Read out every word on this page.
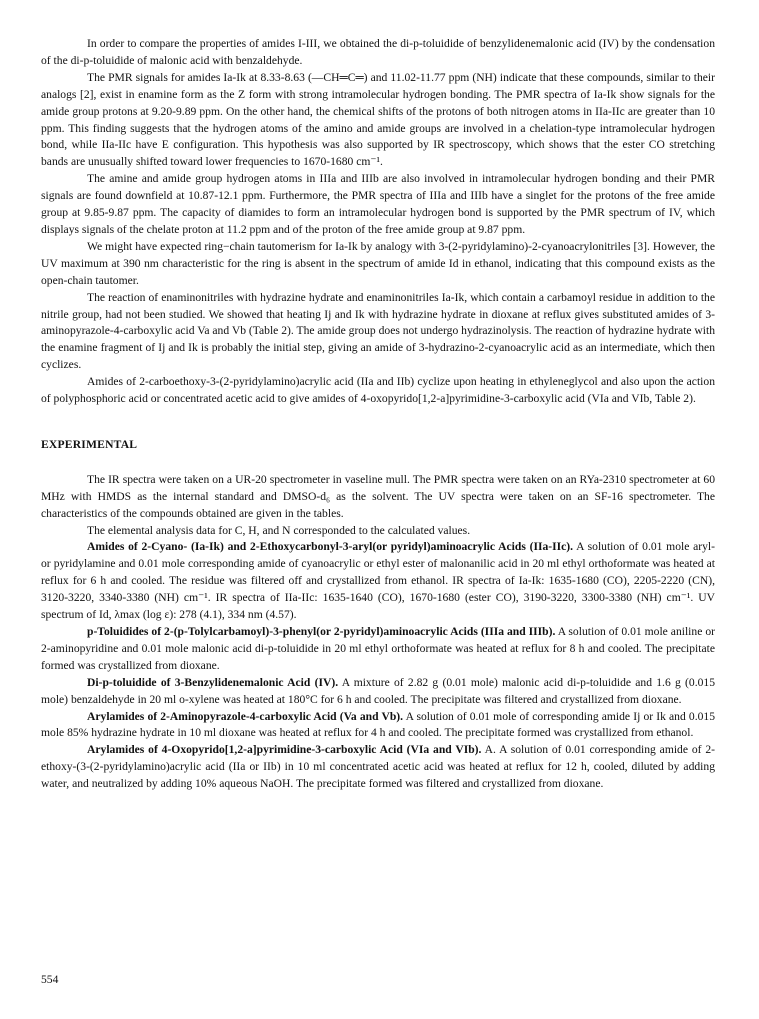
In order to compare the properties of amides I-III, we obtained the di-p-toluidide of benzylidenemalonic acid (IV) by the condensation of the di-p-toluidide of malonic acid with benzaldehyde.

The PMR signals for amides Ia-Ik at 8.33-8.63 (—CH═C═) and 11.02-11.77 ppm (NH) indicate that these compounds, similar to their analogs [2], exist in enamine form as the Z form with strong intramolecular hydrogen bonding. The PMR spectra of Ia-Ik show signals for the amide group protons at 9.20-9.89 ppm. On the other hand, the chemical shifts of the protons of both nitrogen atoms in IIa-IIc are greater than 10 ppm. This finding suggests that the hydrogen atoms of the amino and amide groups are involved in a chelation-type intramolecular hydrogen bond, while IIa-IIc have E configuration. This hypothesis was also supported by IR spectroscopy, which shows that the ester CO stretching bands are unusually shifted toward lower frequencies to 1670-1680 cm⁻¹.

The amine and amide group hydrogen atoms in IIIa and IIIb are also involved in intramolecular hydrogen bonding and their PMR signals are found downfield at 10.87-12.1 ppm. Furthermore, the PMR spectra of IIIa and IIIb have a singlet for the protons of the free amide group at 9.85-9.87 ppm. The capacity of diamides to form an intramolecular hydrogen bond is supported by the PMR spectrum of IV, which displays signals of the chelate proton at 11.2 ppm and of the proton of the free amide group at 9.87 ppm.

We might have expected ring−chain tautomerism for Ia-Ik by analogy with 3-(2-pyridylamino)-2-cyanoacrylonitriles [3]. However, the UV maximum at 390 nm characteristic for the ring is absent in the spectrum of amide Id in ethanol, indicating that this compound exists as the open-chain tautomer.

The reaction of enaminonitriles with hydrazine hydrate and enaminonitriles Ia-Ik, which contain a carbamoyl residue in addition to the nitrile group, had not been studied. We showed that heating Ij and Ik with hydrazine hydrate in dioxane at reflux gives substituted amides of 3-aminopyrazole-4-carboxylic acid Va and Vb (Table 2). The amide group does not undergo hydrazinolysis. The reaction of hydrazine hydrate with the enamine fragment of Ij and Ik is probably the initial step, giving an amide of 3-hydrazino-2-cyanoacrylic acid as an intermediate, which then cyclizes.

Amides of 2-carboethoxy-3-(2-pyridylamino)acrylic acid (IIa and IIb) cyclize upon heating in ethyleneglycol and also upon the action of polyphosphoric acid or concentrated acetic acid to give amides of 4-oxopyrido[1,2-a]pyrimidine-3-carboxylic acid (VIa and VIb, Table 2).

EXPERIMENTAL

The IR spectra were taken on a UR-20 spectrometer in vaseline mull. The PMR spectra were taken on an RYa-2310 spectrometer at 60 MHz with HMDS as the internal standard and DMSO-d₆ as the solvent. The UV spectra were taken on an SF-16 spectrometer. The characteristics of the compounds obtained are given in the tables.

The elemental analysis data for C, H, and N corresponded to the calculated values.

Amides of 2-Cyano- (Ia-Ik) and 2-Ethoxycarbonyl-3-aryl(or pyridyl)aminoacrylic Acids (IIa-IIc). A solution of 0.01 mole aryl- or pyridylamine and 0.01 mole corresponding amide of cyanoacrylic or ethyl ester of malonanilic acid in 20 ml ethyl orthoformate was heated at reflux for 6 h and cooled. The residue was filtered off and crystallized from ethanol. IR spectra of Ia-Ik: 1635-1680 (CO), 2205-2220 (CN), 3120-3220, 3340-3380 (NH) cm⁻¹. IR spectra of IIa-IIc: 1635-1640 (CO), 1670-1680 (ester CO), 3190-3220, 3300-3380 (NH) cm⁻¹. UV spectrum of Id, λmax (log ε): 278 (4.1), 334 nm (4.57).

p-Toluidides of 2-(p-Tolylcarbamoyl)-3-phenyl(or 2-pyridyl)aminoacrylic Acids (IIIa and IIIb). A solution of 0.01 mole aniline or 2-aminopyridine and 0.01 mole malonic acid di-p-toluidide in 20 ml ethyl orthoformate was heated at reflux for 8 h and cooled. The precipitate formed was crystallized from dioxane.

Di-p-toluidide of 3-Benzylidenemalonic Acid (IV). A mixture of 2.82 g (0.01 mole) malonic acid di-p-toluidide and 1.6 g (0.015 mole) benzaldehyde in 20 ml o-xylene was heated at 180°C for 6 h and cooled. The precipitate was filtered and crystallized from dioxane.

Arylamides of 2-Aminopyrazole-4-carboxylic Acid (Va and Vb). A solution of 0.01 mole of corresponding amide Ij or Ik and 0.015 mole 85% hydrazine hydrate in 10 ml dioxane was heated at reflux for 4 h and cooled. The precipitate formed was crystallized from ethanol.

Arylamides of 4-Oxopyrido[1,2-a]pyrimidine-3-carboxylic Acid (VIa and VIb). A. A solution of 0.01 corresponding amide of 2-ethoxy-(3-(2-pyridylamino)acrylic acid (IIa or IIb) in 10 ml concentrated acetic acid was heated at reflux for 12 h, cooled, diluted by adding water, and neutralized by adding 10% aqueous NaOH. The precipitate formed was filtered and crystallized from dioxane.

554
